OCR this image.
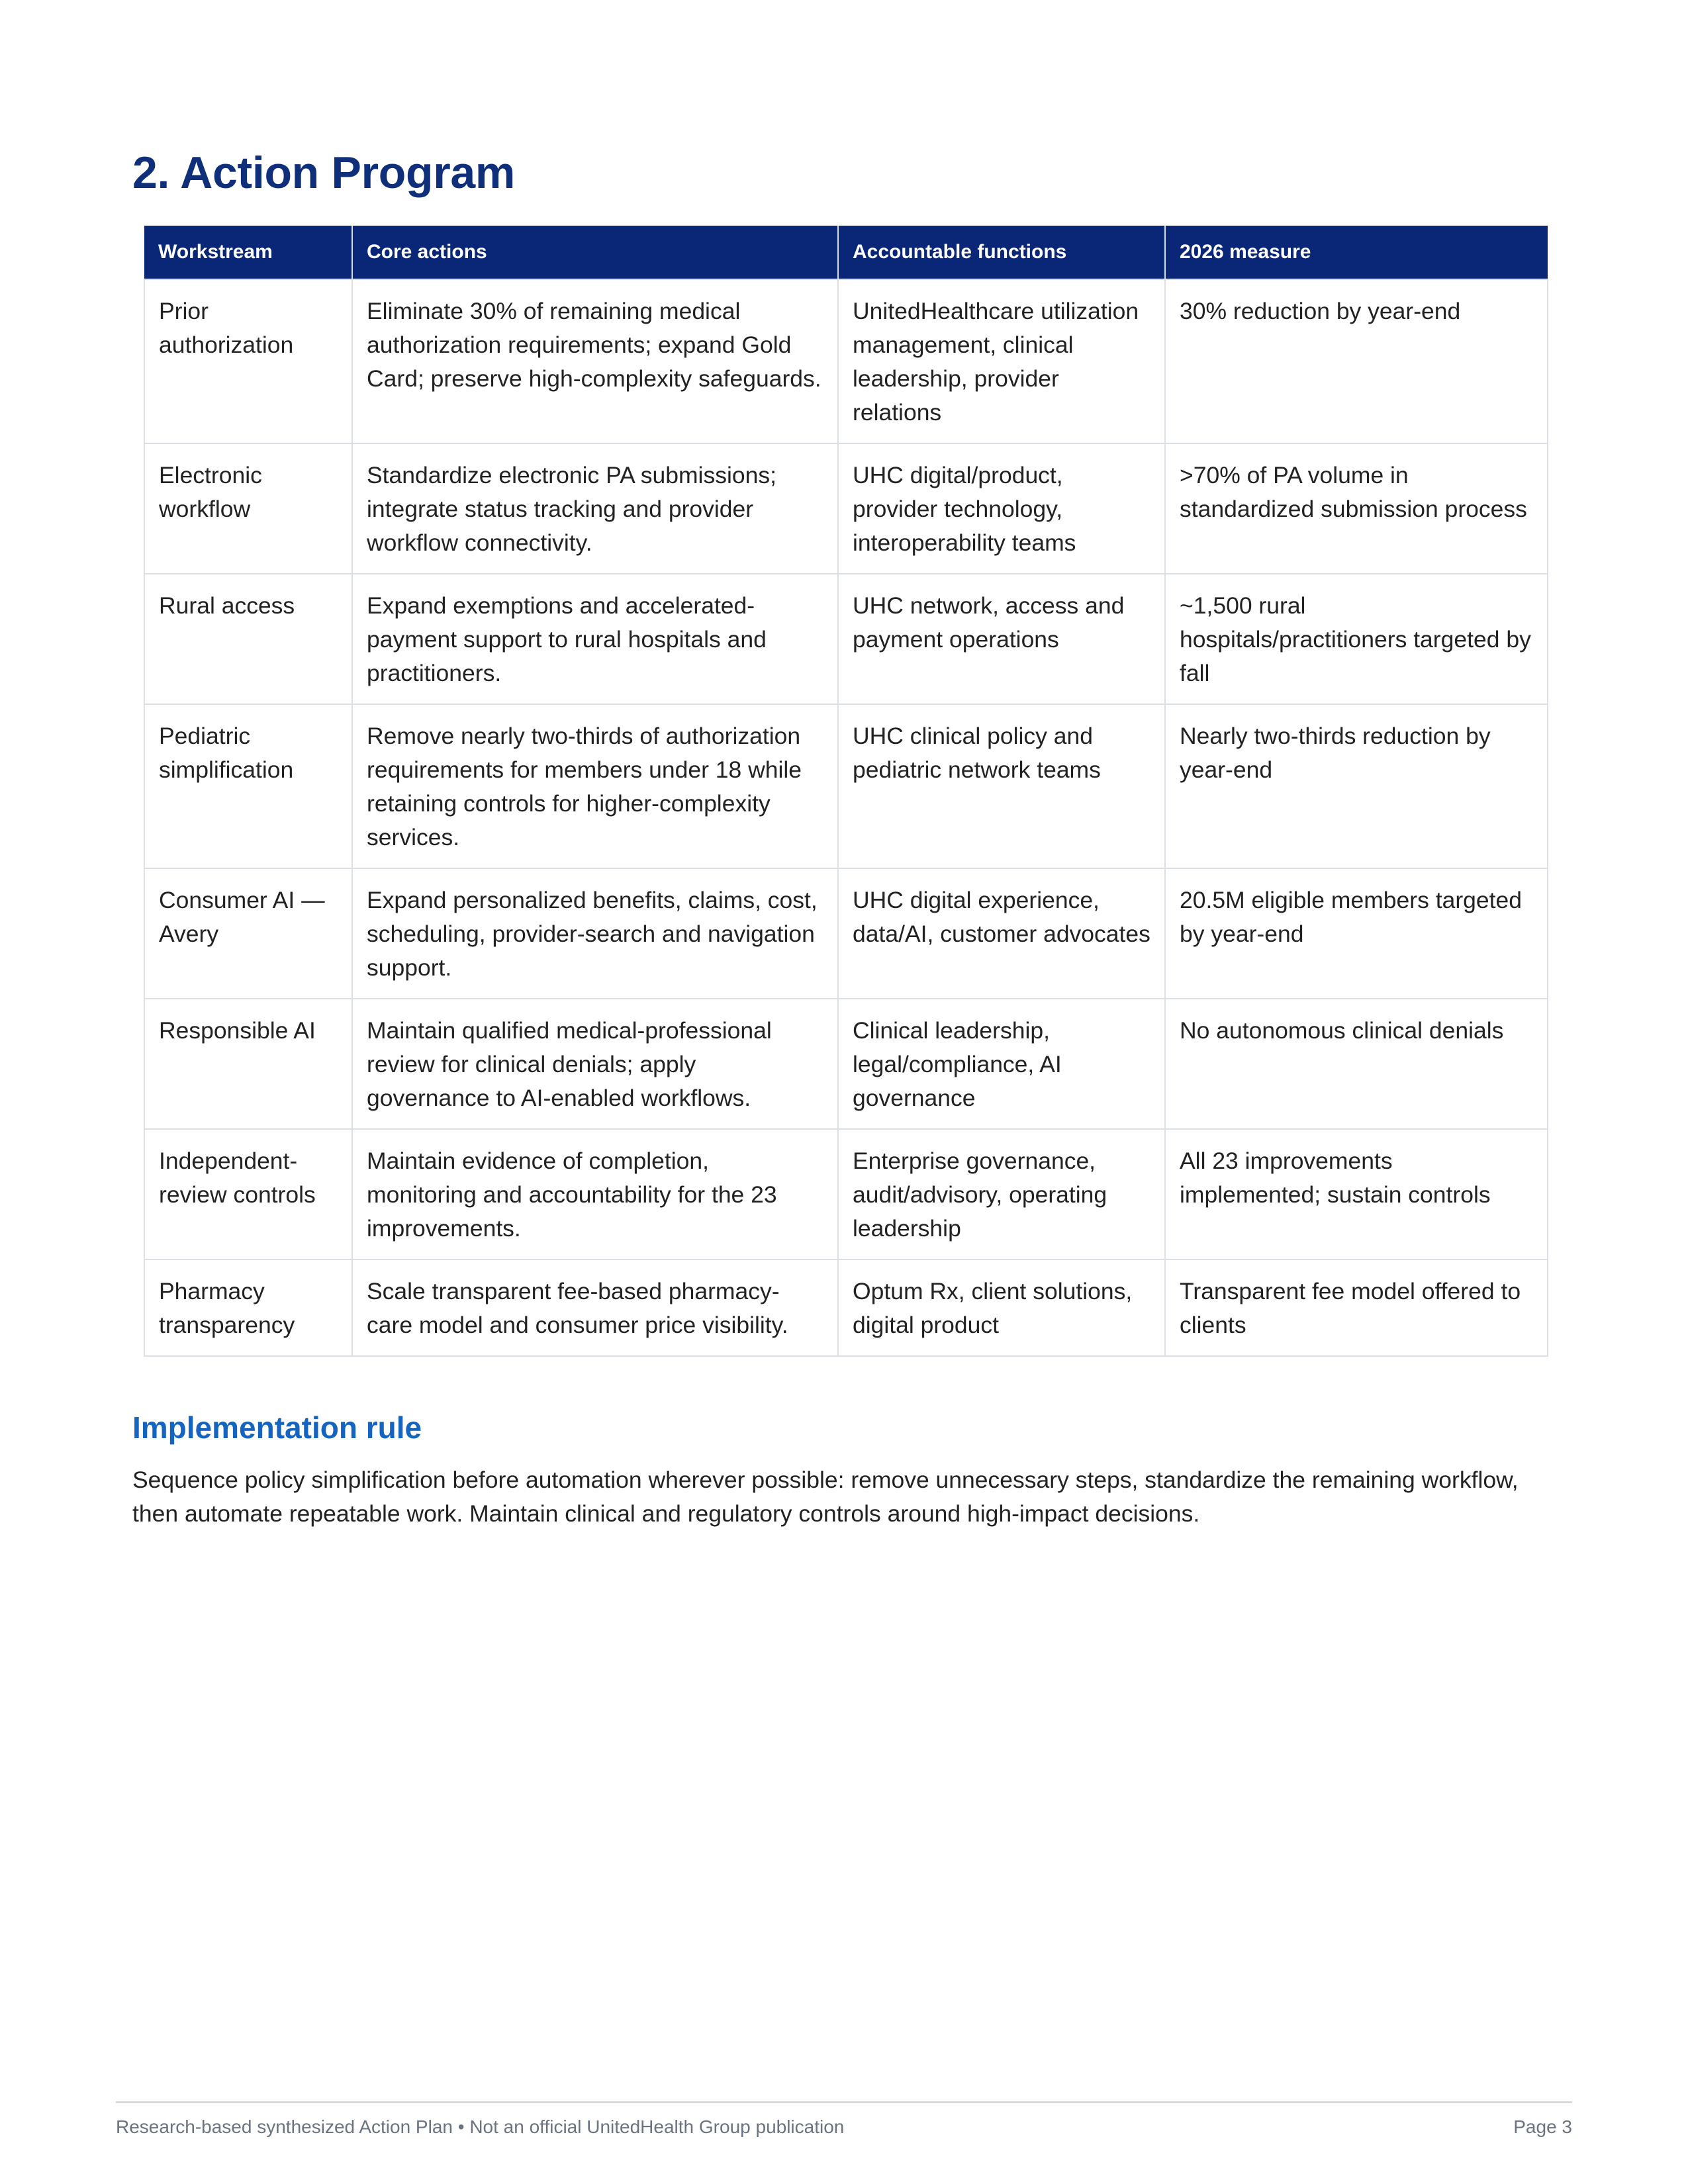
2. Action Program
Workstream	Core actions	Accountable functions	2026 measure
Prior authorization	Eliminate 30% of remaining medical authorization requirements; expand Gold Card; preserve high-complexity safeguards.	UnitedHealthcare utilization management, clinical leadership, provider relations	30% reduction by year-end
Electronic workflow	Standardize electronic PA submissions; integrate status tracking and provider workflow connectivity.	UHC digital/product, provider technology, interoperability teams	>70% of PA volume in standardized submission process
Rural access	Expand exemptions and accelerated-payment support to rural hospitals and practitioners.	UHC network, access and payment operations	~1,500 rural hospitals/practitioners targeted by fall
Pediatric simplification	Remove nearly two-thirds of authorization requirements for members under 18 while retaining controls for higher-complexity services.	UHC clinical policy and pediatric network teams	Nearly two-thirds reduction by year-end
Consumer AI — Avery	Expand personalized benefits, claims, cost, scheduling, provider-search and navigation support.	UHC digital experience, data/AI, customer advocates	20.5M eligible members targeted by year-end
Responsible AI	Maintain qualified medical-professional review for clinical denials; apply governance to AI-enabled workflows.	Clinical leadership, legal/compliance, AI governance	No autonomous clinical denials
Independent-review controls	Maintain evidence of completion, monitoring and accountability for the 23 improvements.	Enterprise governance, audit/advisory, operating leadership	All 23 improvements implemented; sustain controls
Pharmacy transparency	Scale transparent fee-based pharmacy-care model and consumer price visibility.	Optum Rx, client solutions, digital product	Transparent fee model offered to clients
Implementation rule

Sequence policy simplification before automation wherever possible: remove unnecessary steps, standardize the remaining workflow, then automate repeatable work. Maintain clinical and regulatory controls around high-impact decisions.

Research-based synthesized Action Plan • Not an official UnitedHealth Group publication	Page 3
